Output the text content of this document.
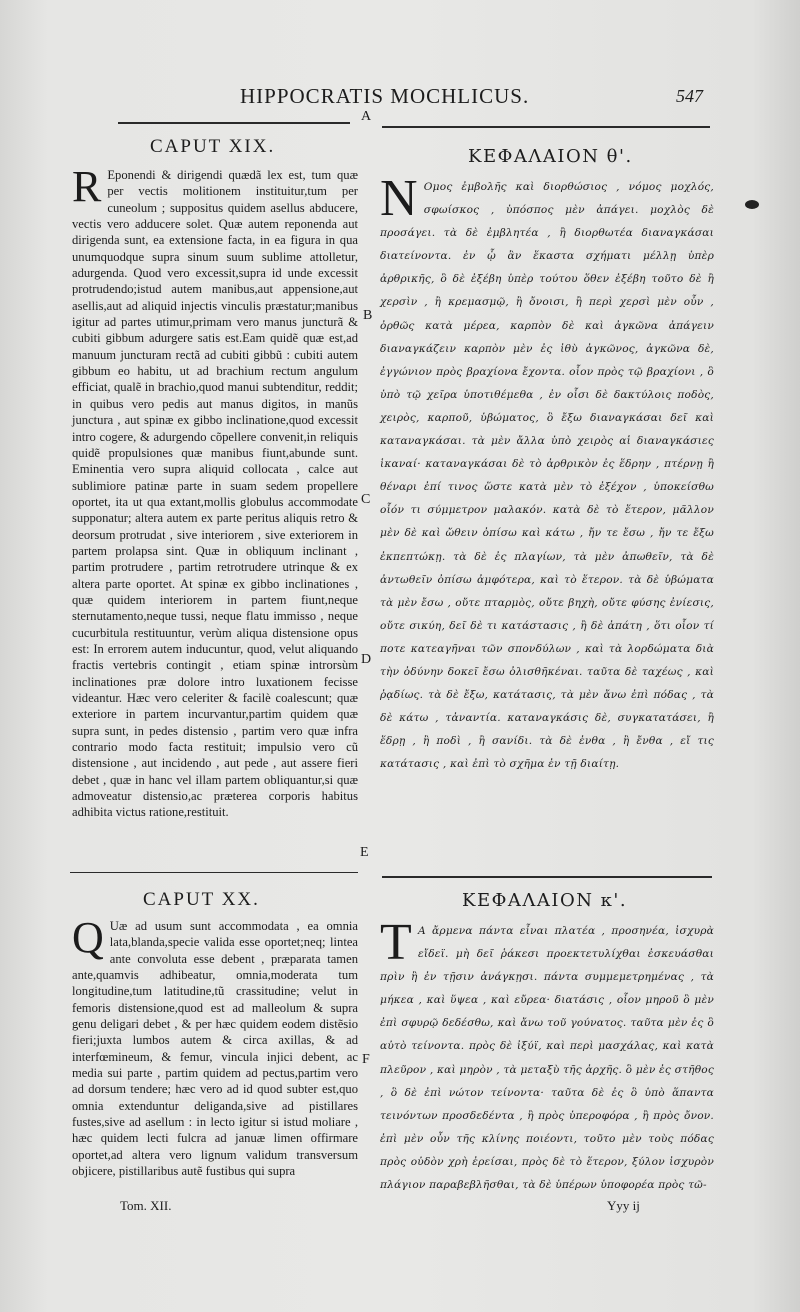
HIPPOCRATIS MOCHLICUS.	547
A
CAPUT XIX.	ΚΕΦΑΛΑΙΟΝ θ'.
R Eponendi & dirigendi quædã lex est, tum quæ per vectis molitionem instituitur,tum per cuneolum ; suppositus quidem asellus abducere, vectis vero adducere solet. Quæ autem reponenda aut dirigenda sunt, ea extensione facta, in ea figura in qua unumquodque supra sinum suum sublime attolletur, adurgenda. Quod vero excessit,supra id unde excessit protrudendo;istud autem manibus,aut appensione,aut asellis,aut ad aliquid injectis vinculis præstatur;manibus igitur ad partes utimur,primam vero manus juncturã & cubiti gibbum adurgere satis est.Eam quidẽ quæ est,ad manuum juncturam rectã ad cubiti gibbũ : cubiti autem gibbum eo habitu, ut ad brachium rectum angulum efficiat, qualẽ in brachio,quod manui subtenditur, reddit; in quibus vero pedis aut manus digitos, in manũs junctura , aut spinæ ex gibbo inclinatione,quod excessit intro cogere, & adurgendo cõpellere convenit,in reliquis quidẽ propulsiones quæ manibus fiunt,abunde sunt. Eminentia vero supra aliquid collocata , calce aut sublimiore patinæ parte in suam sedem propellere oportet, ita ut qua extant,mollis globulus accommodate supponatur; altera autem ex parte peritus aliquis retro & deorsum protrudat , sive interiorem , sive exteriorem in partem prolapsa sint. Quæ in obliquum inclinant , partim protrudere , partim retrotrudere utrinque & ex altera parte oportet. At spinæ ex gibbo inclinationes , quæ quidem interiorem in partem fiunt,neque sternutamento,neque tussi, neque flatu immisso , neque cucurbitula restituuntur, verùm aliqua distensione opus est: In errorem autem inducuntur, quod, velut aliquando fractis vertebris contingit , etiam spinæ introrsùm inclinationes præ dolore intro luxationem fecisse videantur. Hæc vero celeriter & facilè coalescunt; quæ exteriore in partem incurvantur,partim quidem quæ supra sunt, in pedes distensio , partim vero quæ infra contrario modo facta restituit; impulsio vero cũ distensione , aut incidendo , aut pede , aut assere fieri debet , quæ in hanc vel illam partem obliquantur,si quæ admoveatur distensio,ac præterea corporis habitus adhibita victus ratione,restituit.
Ν Ομος ἐμβολῆς καὶ διορθώσιος , νόμος μοχλός, σφωίσκος , ὑπόσπος μὲν ἀπάγει. μοχλὸς δὲ προσάγει. τὰ δὲ ἐμβλητέα , ἢ διορθωτέα διαναγκάσαι διατείνοντα. ἐν ᾧ ἂν ἕκαστα σχήματι μέλλῃ ὑπὲρ ἀρθρικῆς, ὃ δὲ ἐξέβη ὑπὲρ τούτου ὅθεν ἐξέβη τοῦτο δὲ ἢ χερσὶν , ἢ κρεμασμῷ, ἢ ὄνοισι, ἢ περὶ χερσὶ μὲν οὖν , ὀρθῶς κατὰ μέρεα, καρπὸν δὲ καὶ ἀγκῶνα ἀπάγειν διαναγκάζειν καρπὸν μὲν ἐς ἰθὺ ἀγκῶνος, ἀγκῶνα δὲ, ἐγγώνιον πρὸς βραχίονα ἔχοντα. οἷον πρὸς τῷ βραχίονι , ὃ ὑπὸ τῷ χεῖρα ὑποτιθέμεθα , ἐν οἷσι δὲ δακτύλοις ποδὸς, χειρὸς, καρποῦ, ὑβώματος, ὃ ἔξω διαναγκάσαι δεῖ καὶ καταναγκάσαι. τὰ μὲν ἄλλα ὑπὸ χειρὸς αἱ διαναγκάσιες ἱκαναί· καταναγκάσαι δὲ τὸ ἀρθρικὸν ἐς ἕδρην , πτέρνῃ ἢ θέναρι ἐπί τινος ὥστε κατὰ μὲν τὸ ἐξέχον , ὑποκείσθω οἷόν τι σύμμετρον μαλακόν. κατὰ δὲ τὸ ἕτερον, μᾶλλον μὲν δὲ καὶ ὤθειν ὀπίσω καὶ κάτω , ἤν τε ἔσω , ἤν τε ἔξω ἐκπεπτώκῃ. τὰ δὲ ἐς πλαγίων, τὰ μὲν ἀπωθεῖν, τὰ δὲ ἀντωθεῖν ὀπίσω ἀμφότερα, καὶ τὸ ἕτερον. τὰ δὲ ὑβώματα τὰ μὲν ἔσω , οὔτε πταρμὸς, οὔτε βηχὴ, οὔτε φύσης ἐνίεσις, οὔτε σικύη, δεῖ δὲ τι κατάστασις , ἢ δὲ ἀπάτη , ὅτι οἷον τί ποτε κατεαγῆναι τῶν σπονδύλων , καὶ τὰ λορδώματα διὰ τὴν ὀδύνην δοκεῖ ἔσω ὀλισθῆκέναι. ταῦτα δὲ ταχέως , καὶ ῥᾳδίως. τὰ δὲ ἔξω, κατάτασις, τὰ μὲν ἄνω ἐπὶ πόδας , τὰ δὲ κάτω , τἀναντία. καταναγκάσις δὲ, συγκατατάσει, ἢ ἕδρῃ , ἢ ποδὶ , ἢ σανίδι. τὰ δὲ ἐνθα , ἢ ἔνθα , εἴ τις κατάτασις , καὶ ἐπὶ τὸ σχῆμα ἐν τῇ διαίτῃ.
B
C
D
E
CAPUT XX.	ΚΕΦΑΛΑΙΟΝ κ'.
Q Uæ ad usum sunt accommodata , ea omnia lata,blanda,specie valida esse oportet;neq; lintea ante convoluta esse debent , præparata tamen ante,quamvis adhibeatur, omnia,moderata tum longitudine,tum latitudine,tũ crassitudine; velut in femoris distensione,quod est ad malleolum & supra genu deligari debet , & per hæc quidem eodem distẽsio fieri;juxta lumbos autem & circa axillas, & ad interfœmineum, & femur, vincula injici debent, ac media sui parte , partim quidem ad pectus,partim vero ad dorsum tendere; hæc vero ad id quod subter est,quo omnia extenduntur deliganda,sive ad pistillares fustes,sive ad asellum : in lecto igitur si istud moliare , hæc quidem lecti fulcra ad januæ limen offirmare oportet,ad altera vero lignum validum transversum objicere, pistillaribus autẽ fustibus qui supra
Τ Α ἄρμενα πάντα εἶναι πλατέα , προσηνέα, ἰσχυρὰ εἴδεϊ. μὴ δεῖ ῥάκεσι προεκτετυλίχθαι ἐσκευάσθαι πρὶν ἢ ἐν τῇσιν ἀνάγκῃσι. πάντα συμμεμετρημένας , τὰ μήκεα , καὶ ὕψεα , καὶ εὔρεα· διατάσις , οἷον μηροῦ ὃ μὲν ἐπὶ σφυρῷ δεδέσθω, καὶ ἄνω τοῦ γούνατος. ταῦτα μὲν ἐς ὃ αὐτὸ τείνοντα. πρὸς δὲ ἰξύϊ, καὶ περὶ μασχάλας, καὶ κατὰ πλεῦρον , καὶ μηρὸν , τὰ μεταξὺ τῆς ἀρχῆς. ὃ μὲν ἐς στῆθος , ὃ δὲ ἐπὶ νώτον τείνοντα· ταῦτα δὲ ἐς ὃ ὑπὸ ἅπαντα τεινόντων προσδεδέντα , ἢ πρὸς ὑπεροφόρα , ἢ πρὸς ὄνον. ἐπὶ μὲν οὖν τῆς κλίνης ποιέοντι, τοῦτο μὲν τοὺς πόδας πρὸς οὐδὸν χρὴ ἐρείσαι, πρὸς δὲ τὸ ἕτερον, ξύλον ἰσχυρὸν πλάγιον παραβεβλῆσθαι, τὰ δὲ ὑπέρων ὑποφορέα πρὸς τῶ-
F
Tom. XII.	Yyy ij
